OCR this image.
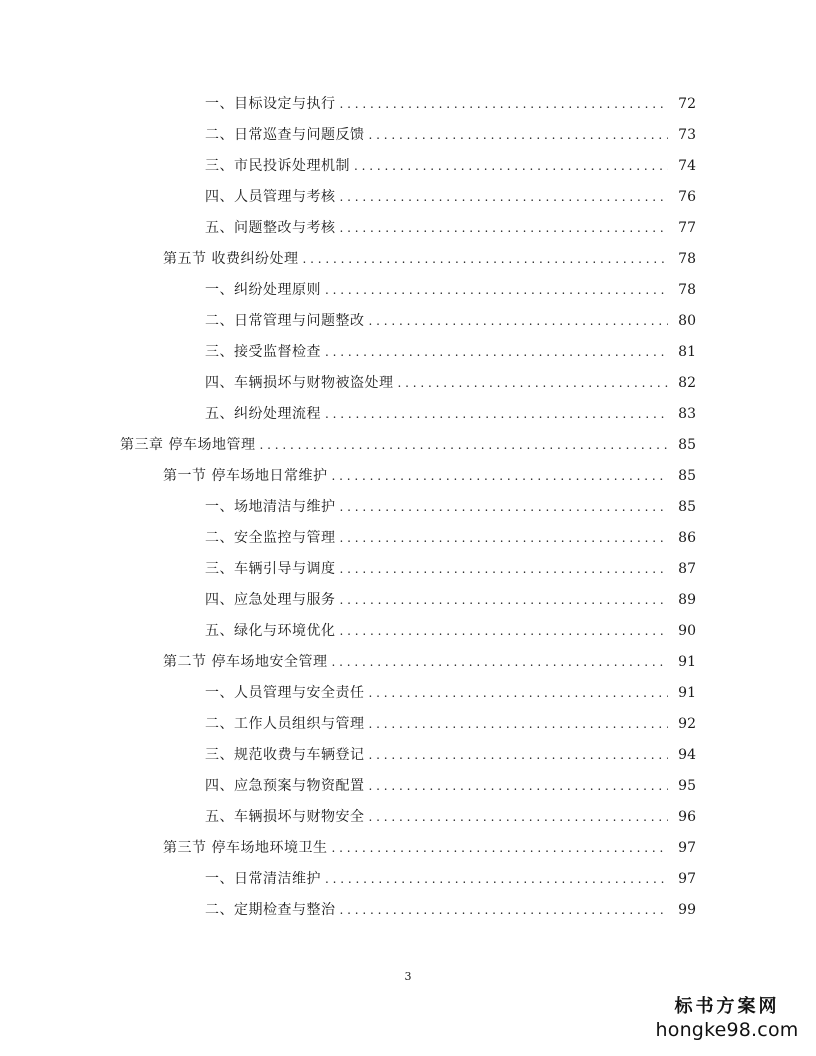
一、目标设定与执行 . . .	72
二、日常巡查与问题反馈 . . .	73
三、市民投诉处理机制 . . .	74
四、人员管理与考核 . . .	76
五、问题整改与考核 . . .	77
第五节 收费纠纷处理 . . .	78
一、纠纷处理原则 . . .	78
二、日常管理与问题整改 . . .	80
三、接受监督检查 . . .	81
四、车辆损坏与财物被盗处理 . . .	82
五、纠纷处理流程 . . .	83
第三章 停车场地管理 . . .	85
第一节 停车场地日常维护 . . .	85
一、场地清洁与维护 . . .	85
二、安全监控与管理 . . .	86
三、车辆引导与调度 . . .	87
四、应急处理与服务 . . .	89
五、绿化与环境优化 . . .	90
第二节 停车场地安全管理 . . .	91
一、人员管理与安全责任 . . .	91
二、工作人员组织与管理 . . .	92
三、规范收费与车辆登记 . . .	94
四、应急预案与物资配置 . . .	95
五、车辆损坏与财物安全 . . .	96
第三节 停车场地环境卫生 . . .	97
一、日常清洁维护 . . .	97
二、定期检查与整治 . . .	99
3
标书方案网
hongke98.com
